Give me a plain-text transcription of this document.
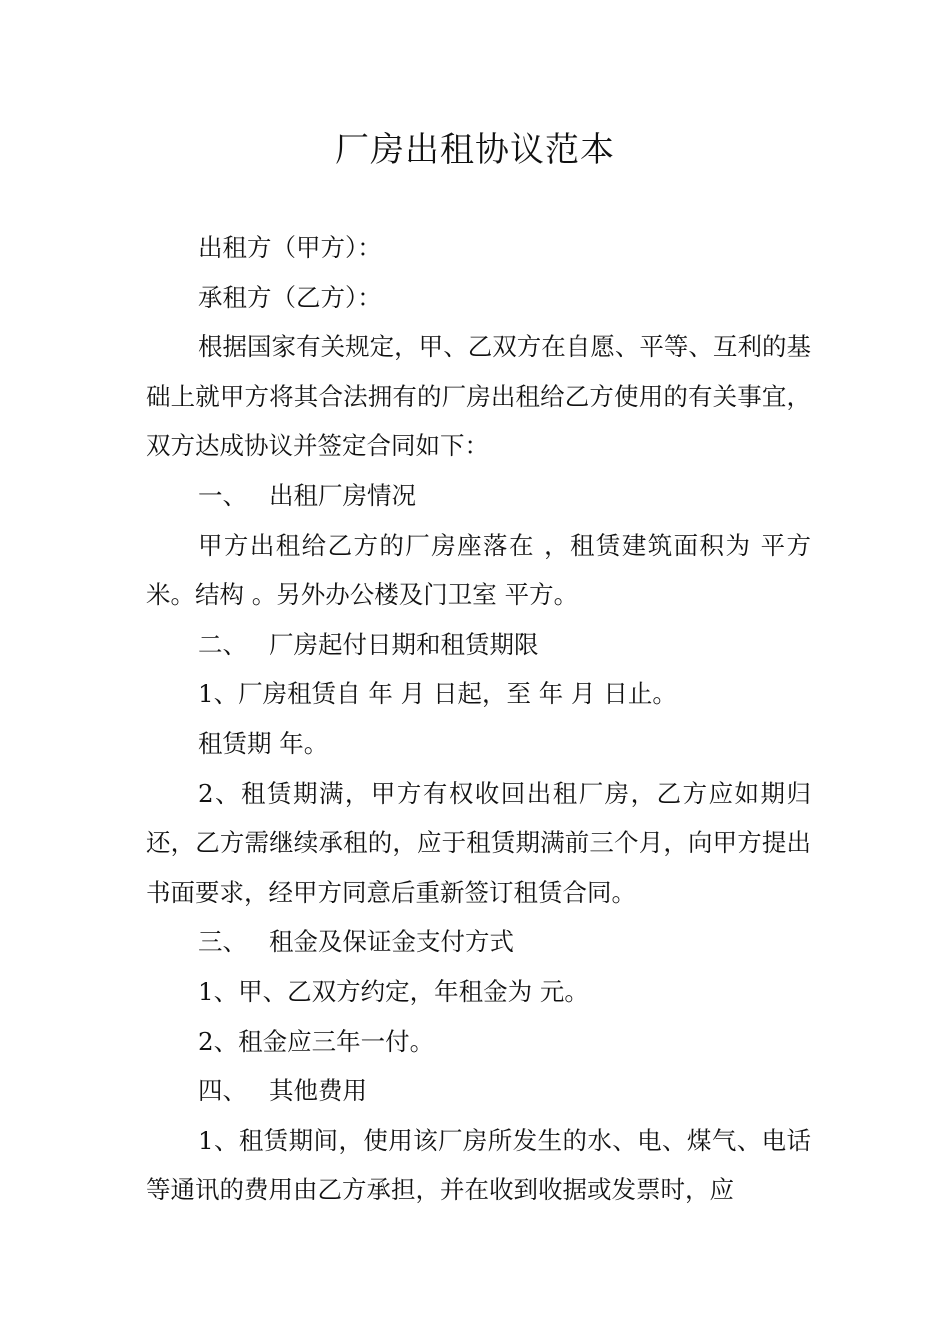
厂房出租协议范本

出租方（甲方）：

承租方（乙方）：

根据国家有关规定，甲、乙双方在自愿、平等、互利的基础上就甲方将其合法拥有的厂房出租给乙方使用的有关事宜，双方达成协议并签定合同如下：

一、 出租厂房情况

甲方出租给乙方的厂房座落在 ，租赁建筑面积为 平方米。结构 。另外办公楼及门卫室 平方。

二、 厂房起付日期和租赁期限

1、厂房租赁自 年 月 日起，至 年 月 日止。

租赁期 年。

2、租赁期满，甲方有权收回出租厂房，乙方应如期归还，乙方需继续承租的，应于租赁期满前三个月，向甲方提出书面要求，经甲方同意后重新签订租赁合同。

三、 租金及保证金支付方式

1、甲、乙双方约定，年租金为 元。

2、租金应三年一付。

四、 其他费用

1、租赁期间，使用该厂房所发生的水、电、煤气、电话等通讯的费用由乙方承担，并在收到收据或发票时，应
